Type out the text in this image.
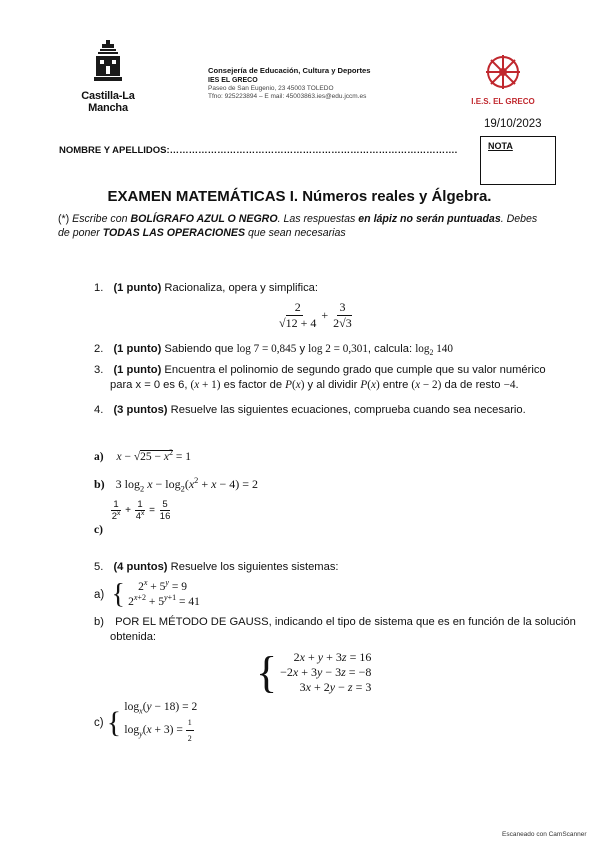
Castilla-La Mancha
Consejería de Educación, Cultura y Deportes
IES EL GRECO
Paseo de San Eugenio, 23 45003 TOLEDO
Tfno: 925223894 – E mail: 45003863.ies@edu.jccm.es
I.E.S. EL GRECO
19/10/2023
NOMBRE Y APELLIDOS:……………………………………………………………………………….	NOTA
EXAMEN MATEMÁTICAS I. Números reales y Álgebra.
(*) Escribe con BOLÍGRAFO AZUL O NEGRO. Las respuestas en lápiz no serán puntuadas. Debes de poner TODAS LAS OPERACIONES que sean necesarias
1. (1 punto) Racionaliza, opera y simplifica:
$\frac{2}{√12 + 4} + \frac{3}{2√3}$
2. (1 punto) Sabiendo que log 7 = 0,845 y log 2 = 0,301, calcula: $\log_2 140$
3. (1 punto) Encuentra el polinomio de segundo grado que cumple que su valor numérico
para x = 0 es 6, (x + 1) es factor de P(x) y al dividir P(x) entre (x − 2) da de resto −4.
4. (3 puntos) Resuelve las siguientes ecuaciones, comprueba cuando sea necesario.
a) $x - √25 - x^2 = 1$
b) 3 $\log_2 x - \log_2(x^2 + x - 4) = 2$
c)
$\frac{1}{2^x} + \frac{1}{4^x} = \frac{5}{16}$
5. (4 puntos) Resuelve los siguientes sistemas:
a) {	$2^x + 5^y = 9$
$2^{x+2} + 5^{y+1} = 41$
b) POR EL MÉTODO DE GAUSS, indicando el tipo de sistema que es en función de la solución
obtenida:
{	2x + y + 3z = 16
−2x + 3y − 3z = −8
3x + 2y − z = 3
c) { $\log_x(y - 18) = 2$
$\log_y(x + 3) = \frac{1}{2}$
Escaneado con CamScanner
